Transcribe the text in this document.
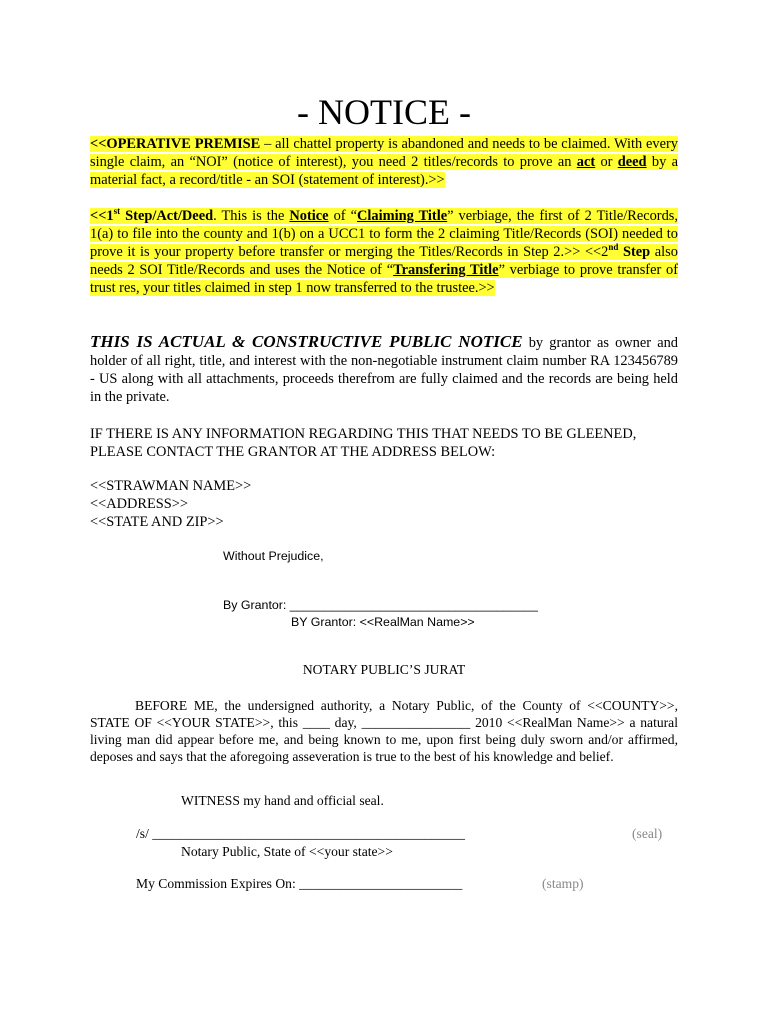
- NOTICE -
<<OPERATIVE PREMISE – all chattel property is abandoned and needs to be claimed. With every single claim, an “NOI” (notice of interest), you need 2 titles/records to prove an act or deed by a material fact, a record/title - an SOI (statement of interest).>>
<<1st Step/Act/Deed. This is the Notice of “Claiming Title” verbiage, the first of 2 Title/Records, 1(a) to file into the county and 1(b) on a UCC1 to form the 2 claiming Title/Records (SOI) needed to prove it is your property before transfer or merging the Titles/Records in Step 2.>> <<2nd Step also needs 2 SOI Title/Records and uses the Notice of “Transfering Title” verbiage to prove transfer of trust res, your titles claimed in step 1 now transferred to the trustee.>>
THIS IS ACTUAL & CONSTRUCTIVE PUBLIC NOTICE by grantor as owner and holder of all right, title, and interest with the non-negotiable instrument claim number RA 123456789 - US along with all attachments, proceeds therefrom are fully claimed and the records are being held in the private.
IF THERE IS ANY INFORMATION REGARDING THIS THAT NEEDS TO BE GLEENED,
PLEASE CONTACT THE GRANTOR AT THE ADDRESS BELOW:
<<STRAWMAN NAME>>
<<ADDRESS>>
<<STATE AND ZIP>>
Without Prejudice,
By Grantor: ____________________________________
BY Grantor: <<RealMan Name>>
NOTARY PUBLIC’S JURAT
BEFORE ME, the undersigned authority, a Notary Public, of the County of <<COUNTY>>, STATE OF <<YOUR STATE>>, this ____ day, ________________ 2010 <<RealMan Name>> a natural living man did appear before me, and being known to me, upon first being duly sworn and/or affirmed, deposes and says that the aforegoing asseveration is true to the best of his knowledge and belief.
WITNESS my hand and official seal.
/s/ ______________________________________________	(seal)
Notary Public, State of <<your state>>
My Commission Expires On: ________________________	(stamp)
